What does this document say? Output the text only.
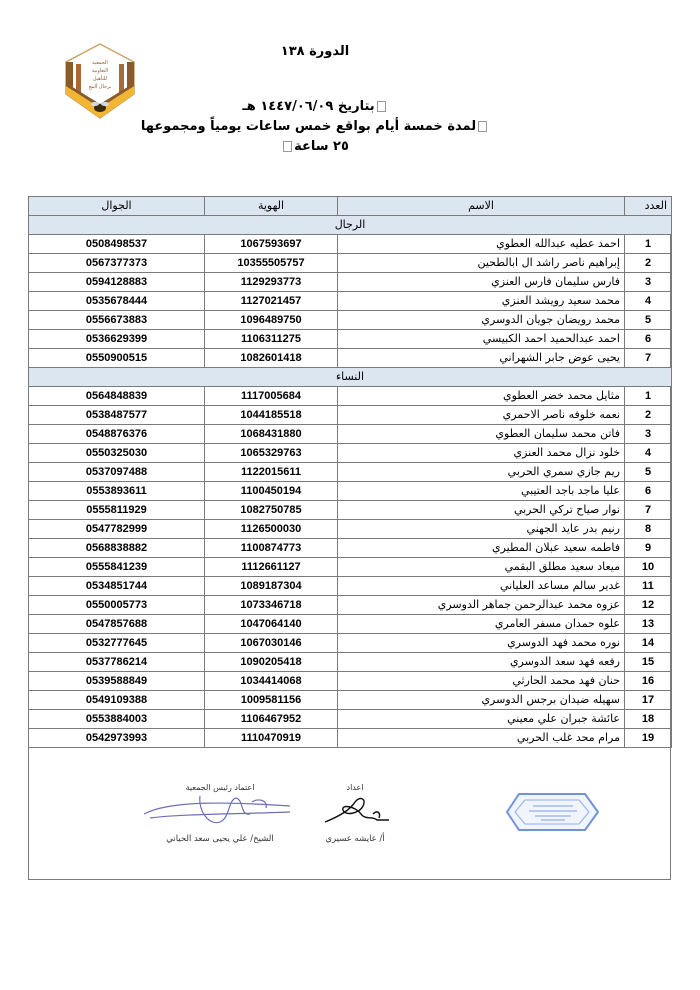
الجمعية
التعاونية
للتأهيل
برجال ألمع
الدورة ١٣٨
بتاريخ ١٤٤٧/٠٦/٠٩ هـ
لمدة خمسة أيام بواقع خمس ساعات يومياً ومجموعها ٢٥ ساعة
العدد	الاسم	الهوية	الجوال
الرجال			
1	احمد عطيه عبدالله العطوي	1067593697	0508498537
2	إبراهيم ناصر راشد ال ابالطحين	10355505757	0567377373
3	فارس سليمان فارس العنزي	1129293773	0594128883
4	محمد سعيد رويشد العنزي	1127021457	0535678444
5	محمد رويضان جويان الدوسري	1096489750	0556673883
6	احمد عبدالحميد احمد الكبيسي	1106311275	0536629399
7	يحيى عوض جابر الشهراني	1082601418	0550900515
النساء			
1	مثايل محمد خضر العطوي	1117005684	0564848839
2	نعمه خلوفه ناصر الاحمري	1044185518	0538487577
3	فاتن محمد سليمان العطوي	1068431880	0548876376
4	خلود نزال محمد العنزي	1065329763	0550325030
5	ريم جازي سمري الحربي	1122015611	0537097488
6	عليا ماجد باجد العتيبي	1100450194	0553893611
7	نوار صياح تركي الحربي	1082750785	0555811929
8	رنيم بدر عايد الجهني	1126500030	0547782999
9	فاطمه سعيد عبلان المطيري	1100874773	0568838882
10	ميعاد سعيد مطلق البقمي	1112661127	0555841239
11	غدير سالم مساعد العلياني	1089187304	0534851744
12	عزوه محمد عبدالرحمن جماهر الدوسري	1073346718	0550005773
13	علوه حمدان مسفر العامري	1047064140	0547857688
14	نوره محمد فهد الدوسري	1067030146	0532777645
15	رفعه فهد سعد الدوسري	1090205418	0537786214
16	حنان فهد محمد الحارثي	1034414068	0539588849
17	سهيله ضيدان برجس الدوسري	1009581156	0549109388
18	عائشة جبران علي معيني	1106467952	0553884003
19	مرام محد غلب الحربي	1110470919	0542973993
اعتماد رئيس الجمعية
الشيخ/ علي يحيى سعد الحياني
اعداد
أ/ عايشه عسيري
